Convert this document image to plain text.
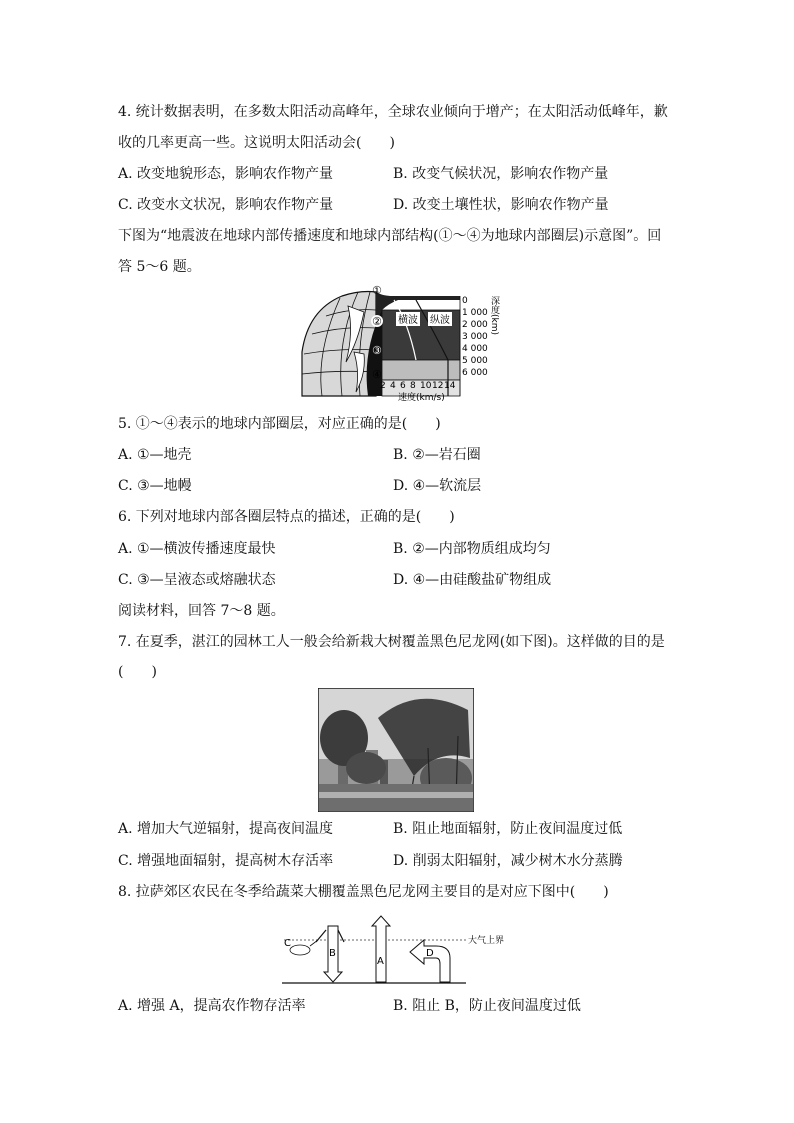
4. 统计数据表明，在多数太阳活动高峰年，全球农业倾向于增产；在太阳活动低峰年，歉
收的几率更高一些。这说明太阳活动会(　　)
A. 改变地貌形态，影响农作物产量	B. 改变气候状况，影响农作物产量
C. 改变水文状况，影响农作物产量	D. 改变土壤性状，影响农作物产量
下图为“地震波在地球内部传播速度和地球内部结构(①～④为地球内部圈层)示意图”。回
答 5～6 题。
横波 纵波
①
②
③
④
0
1 000
2 000
3 000
4 000
5 000
6 000
深度(km)
2 4 6 8 10 12 14
速度(km/s)
5. ①～④表示的地球内部圈层，对应正确的是(　　)
A. ①—地壳	B. ②—岩石圈
C. ③—地幔	D. ④—软流层
6. 下列对地球内部各圈层特点的描述，正确的是(　　)
A. ①—横波传播速度最快	B. ②—内部物质组成均匀
C. ③—呈液态或熔融状态	D. ④—由硅酸盐矿物组成
阅读材料，回答 7～8 题。
7. 在夏季，湛江的园林工人一般会给新栽大树覆盖黑色尼龙网(如下图)。这样做的目的是
(　　)
A. 增加大气逆辐射，提高夜间温度	B. 阻止地面辐射，防止夜间温度过低
C. 增强地面辐射，提高树木存活率	D. 削弱太阳辐射，减少树木水分蒸腾
8. 拉萨郊区农民在冬季给蔬菜大棚覆盖黑色尼龙网主要目的是对应下图中(　　)
大气上界
B
C
A
D
A. 增强 A，提高农作物存活率	B. 阻止 B，防止夜间温度过低
